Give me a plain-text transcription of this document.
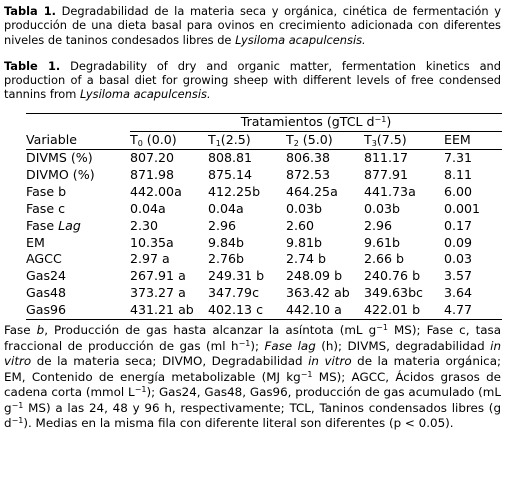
Tabla 1. Degradabilidad de la materia seca y orgánica, cinética de fermentación y producción de una dieta basal para ovinos en crecimiento adicionada con diferentes niveles de taninos condesados libres de Lysiloma acapulcensis.

Table 1. Degradability of dry and organic matter, fermentation kinetics and production of a basal diet for growing sheep with different levels of free condensed tannins from Lysiloma acapulcensis.

	Tratamientos (gTCL $d^{-1}$)				
Variable	$T_0$ (0.0)	$T_1(2.5)$	$T_2$ (5.0)	$T_3(7.5)$	EEM

DIVMS (%)	807.20	808.81	806.38	811.17	7.31
DIVMO (%)	871.98	875.14	872.53	877.91	8.11
Fase b	442.00a	412.25b	464.25a	441.73a	6.00
Fase c	0.04a	0.04a	0.03b	0.03b	0.001
Fase Lag	2.30	2.96	2.60	2.96	0.17
EM	10.35a	9.84b	9.81b	9.61b	0.09
AGCC	2.97 a	2.76b	2.74 b	2.66 b	0.03
Gas24	267.91 a	249.31 b	248.09 b	240.76 b	3.57
Gas48	373.27 a	347.79c	363.42 ab	349.63bc	3.64
Gas96	431.21 ab	402.13 c	442.10 a	422.01 b	4.77

Fase b, Producción de gas hasta alcanzar la asíntota (mL $g^{-1}$ MS); Fase c, tasa fraccional de producción de gas (ml $h^{-1}$); Fase lag (h); DIVMS, degradabilidad in vitro de la materia seca; DIVMO, Degradabilidad in vitro de la materia orgánica; EM, Contenido de energía metabolizable (MJ $kg^{-1}$ MS); AGCC, Ácidos grasos de cadena corta (mmol $L^{-1}$); Gas24, Gas48, Gas96, producción de gas acumulado (mL $g^{-1}$ MS) a las 24, 48 y 96 h, respectivamente; TCL, Taninos condensados libres (g $d^{-1}$). Medias en la misma fila con diferente literal son diferentes (p < 0.05).
